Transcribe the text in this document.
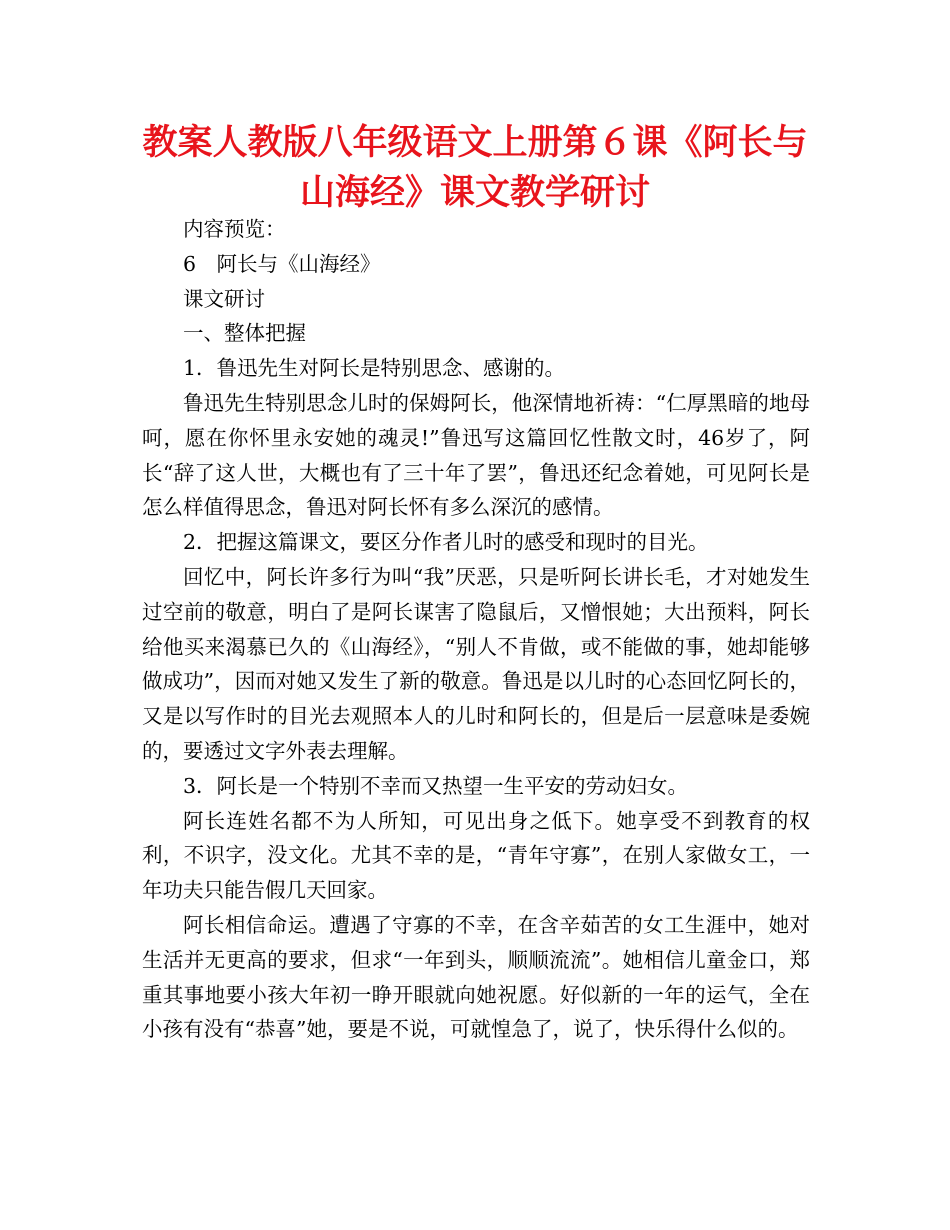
教案人教版八年级语文上册第６课《阿长与山海经》课文教学研讨

内容预览：

6　阿长与《山海经》

课文研讨

一、整体把握

1．鲁迅先生对阿长是特别思念、感谢的。

鲁迅先生特别思念儿时的保姆阿长，他深情地祈祷：“仁厚黑暗的地母呵，愿在你怀里永安她的魂灵!”鲁迅写这篇回忆性散文时，46岁了，阿长“辞了这人世，大概也有了三十年了罢”，鲁迅还纪念着她，可见阿长是怎么样值得思念，鲁迅对阿长怀有多么深沉的感情。

2．把握这篇课文，要区分作者儿时的感受和现时的目光。

回忆中，阿长许多行为叫“我”厌恶，只是听阿长讲长毛，才对她发生过空前的敬意，明白了是阿长谋害了隐鼠后，又憎恨她；大出预料，阿长给他买来渴慕已久的《山海经》，“别人不肯做，或不能做的事，她却能够做成功”，因而对她又发生了新的敬意。鲁迅是以儿时的心态回忆阿长的，又是以写作时的目光去观照本人的儿时和阿长的，但是后一层意味是委婉的，要透过文字外表去理解。

3．阿长是一个特别不幸而又热望一生平安的劳动妇女。

阿长连姓名都不为人所知，可见出身之低下。她享受不到教育的权利，不识字，没文化。尤其不幸的是，“青年守寡”，在别人家做女工，一年功夫只能告假几天回家。

阿长相信命运。遭遇了守寡的不幸，在含辛茹苦的女工生涯中，她对生活并无更高的要求，但求“一年到头，顺顺流流”。她相信儿童金口，郑重其事地要小孩大年初一睁开眼就向她祝愿。好似新的一年的运气，全在小孩有没有“恭喜”她，要是不说，可就惶急了，说了，快乐得什么似的。
